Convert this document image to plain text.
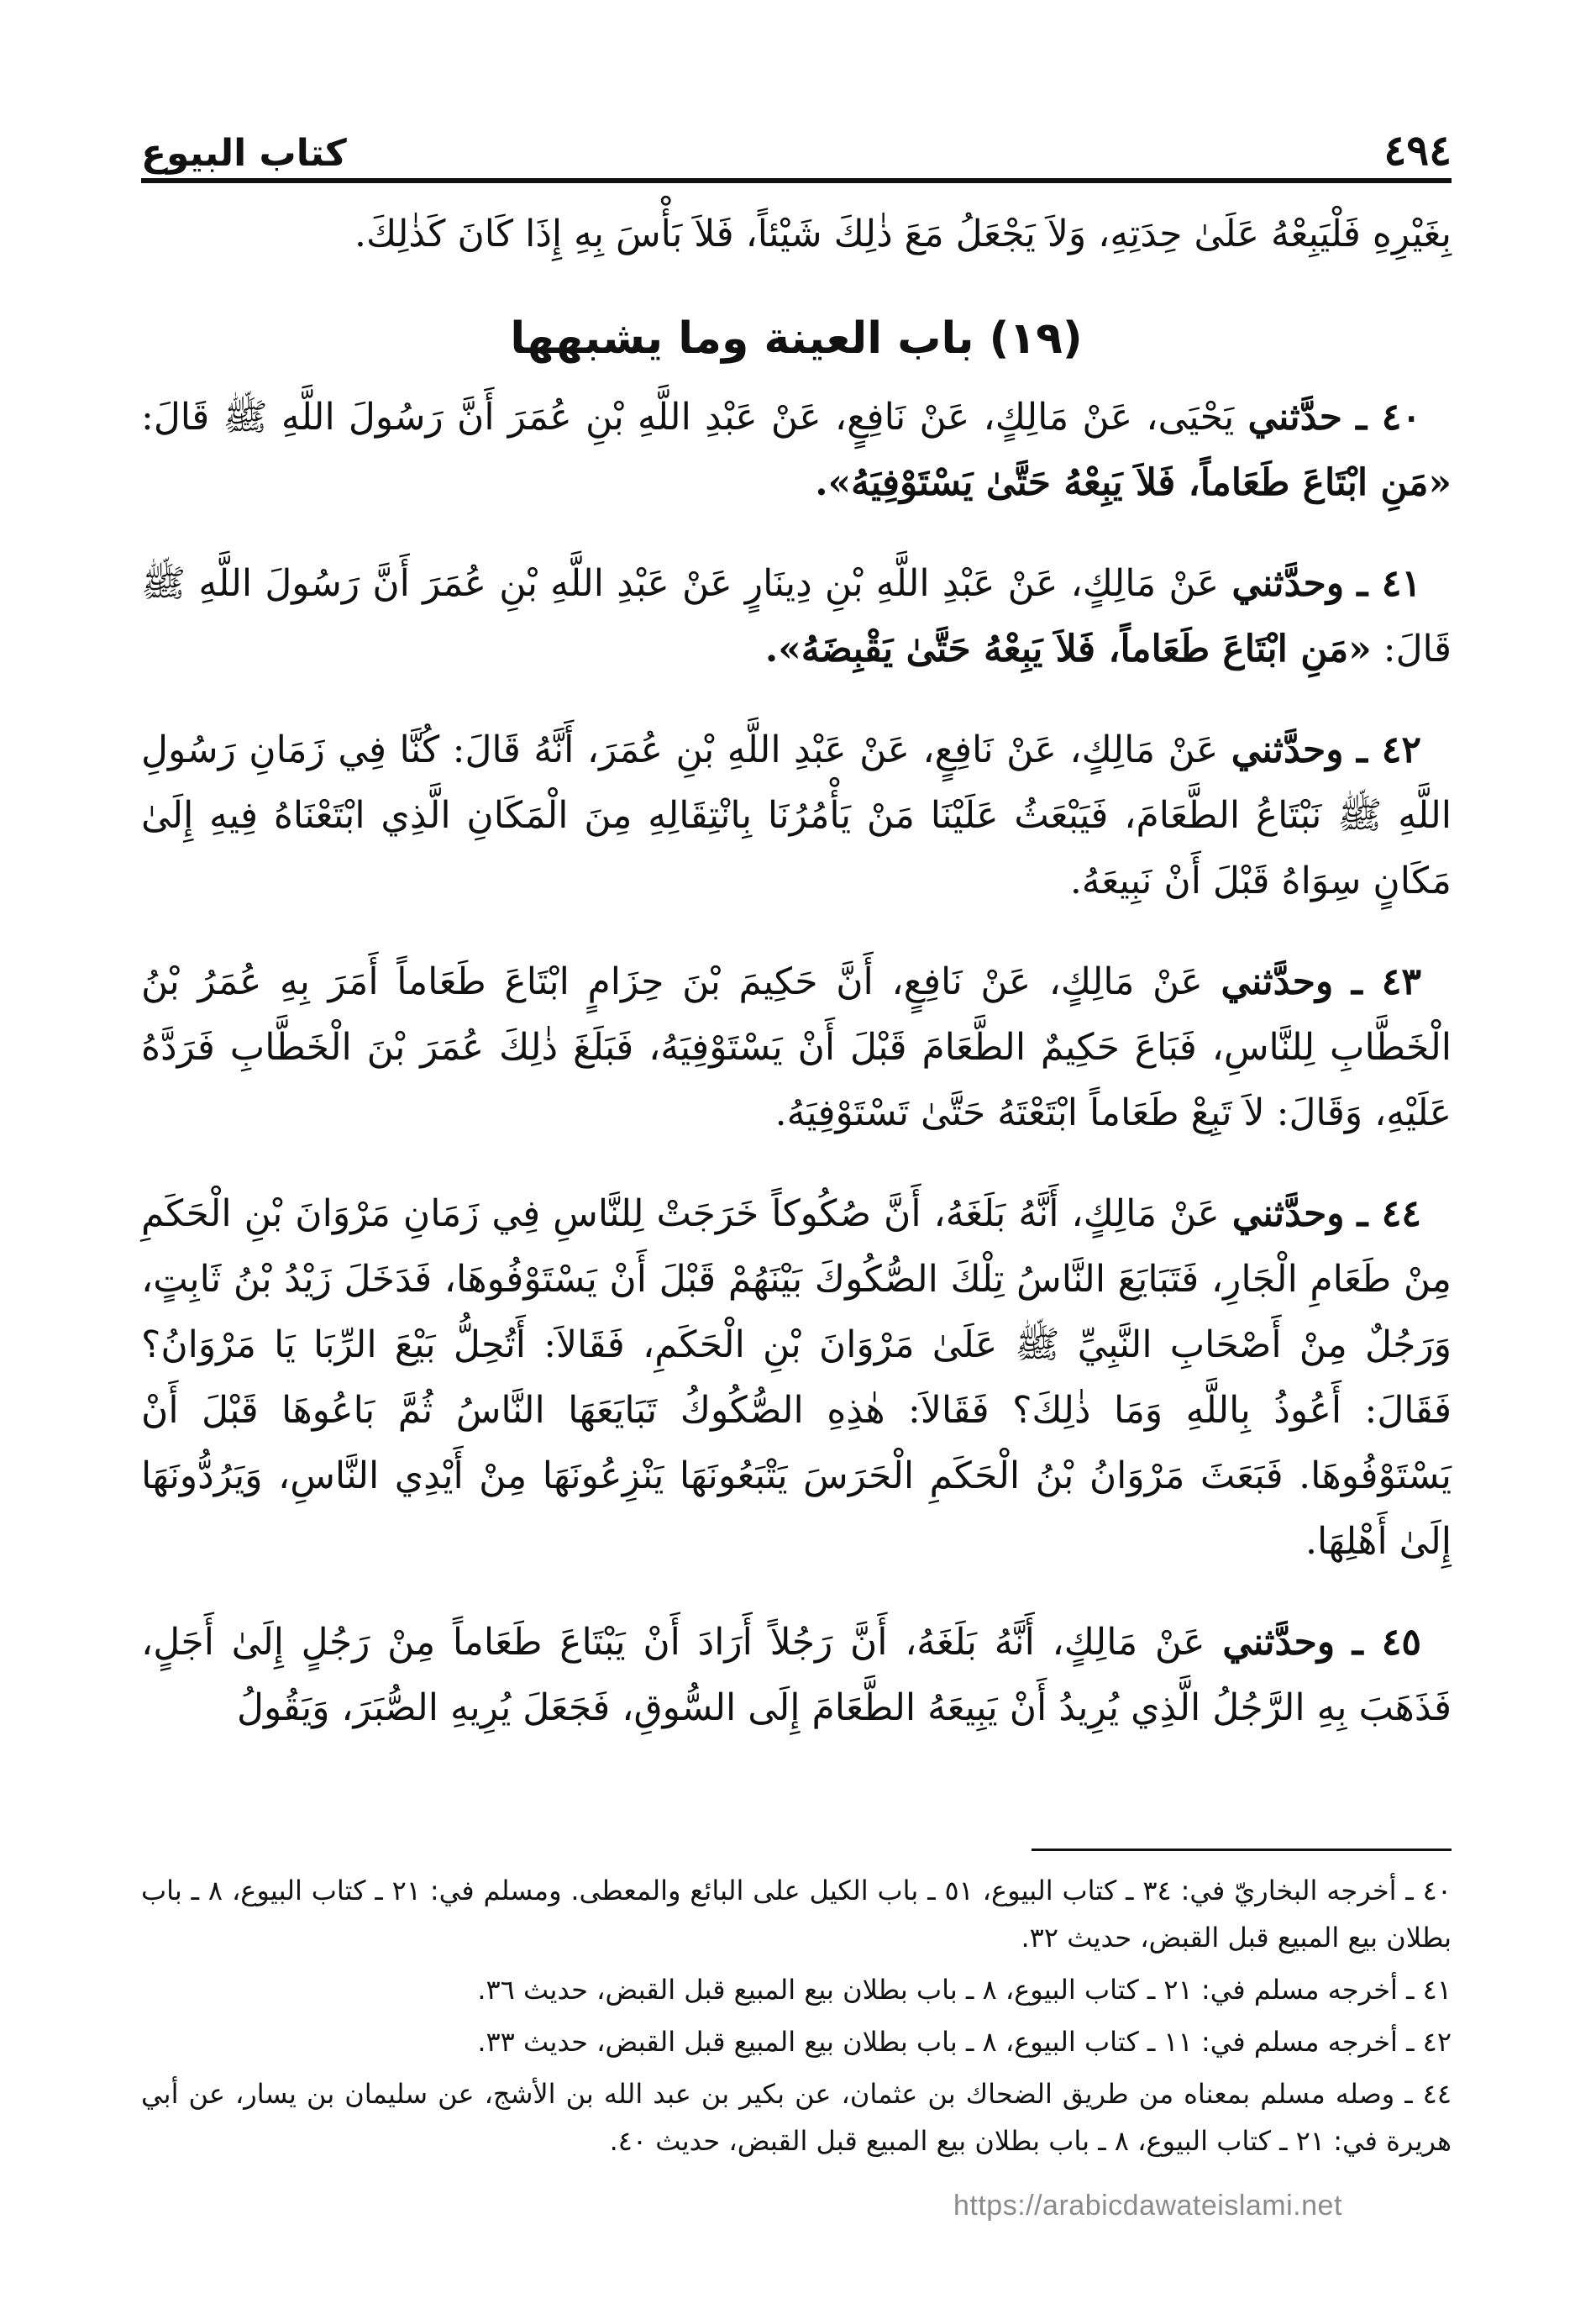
٤٩٤
كتاب البيوع

بِغَيْرِهِ فَلْيَبِعْهُ عَلَىٰ حِدَتِهِ، وَلاَ يَجْعَلُ مَعَ ذٰلِكَ شَيْئاً، فَلاَ بَأْسَ بِهِ إِذَا كَانَ كَذٰلِكَ.

(١٩) باب العينة وما يشبهها

٤٠ ـ حدَّثني يَحْيَى، عَنْ مَالِكٍ، عَنْ نَافِعٍ، عَنْ عَبْدِ اللَّهِ بْنِ عُمَرَ أَنَّ رَسُولَ اللَّهِ ﷺ قَالَ: «مَنِ ابْتَاعَ طَعَاماً، فَلاَ يَبِعْهُ حَتَّىٰ يَسْتَوْفِيَهُ».

٤١ ـ وحدَّثني عَنْ مَالِكٍ، عَنْ عَبْدِ اللَّهِ بْنِ دِينَارٍ عَنْ عَبْدِ اللَّهِ بْنِ عُمَرَ أَنَّ رَسُولَ اللَّهِ ﷺ قَالَ: «مَنِ ابْتَاعَ طَعَاماً، فَلاَ يَبِعْهُ حَتَّىٰ يَقْبِضَهُ».

٤٢ ـ وحدَّثني عَنْ مَالِكٍ، عَنْ نَافِعٍ، عَنْ عَبْدِ اللَّهِ بْنِ عُمَرَ، أَنَّهُ قَالَ: كُنَّا فِي زَمَانِ رَسُولِ اللَّهِ ﷺ نَبْتَاعُ الطَّعَامَ، فَيَبْعَثُ عَلَيْنَا مَنْ يَأْمُرُنَا بِانْتِقَالِهِ مِنَ الْمَكَانِ الَّذِي ابْتَعْنَاهُ فِيهِ إِلَىٰ مَكَانٍ سِوَاهُ قَبْلَ أَنْ نَبِيعَهُ.

٤٣ ـ وحدَّثني عَنْ مَالِكٍ، عَنْ نَافِعٍ، أَنَّ حَكِيمَ بْنَ حِزَامٍ ابْتَاعَ طَعَاماً أَمَرَ بِهِ عُمَرُ بْنُ الْخَطَّابِ لِلنَّاسِ، فَبَاعَ حَكِيمٌ الطَّعَامَ قَبْلَ أَنْ يَسْتَوْفِيَهُ، فَبَلَغَ ذٰلِكَ عُمَرَ بْنَ الْخَطَّابِ فَرَدَّهُ عَلَيْهِ، وَقَالَ: لاَ تَبِعْ طَعَاماً ابْتَعْتَهُ حَتَّىٰ تَسْتَوْفِيَهُ.

٤٤ ـ وحدَّثني عَنْ مَالِكٍ، أَنَّهُ بَلَغَهُ، أَنَّ صُكُوكاً خَرَجَتْ لِلنَّاسِ فِي زَمَانِ مَرْوَانَ بْنِ الْحَكَمِ مِنْ طَعَامِ الْجَارِ، فَتَبَايَعَ النَّاسُ تِلْكَ الصُّكُوكَ بَيْنَهُمْ قَبْلَ أَنْ يَسْتَوْفُوهَا، فَدَخَلَ زَيْدُ بْنُ ثَابِتٍ، وَرَجُلٌ مِنْ أَصْحَابِ النَّبِيِّ ﷺ عَلَىٰ مَرْوَانَ بْنِ الْحَكَمِ، فَقَالاَ: أَتُحِلُّ بَيْعَ الرِّبَا يَا مَرْوَانُ؟ فَقَالَ: أَعُوذُ بِاللَّهِ وَمَا ذٰلِكَ؟ فَقَالاَ: هٰذِهِ الصُّكُوكُ تَبَايَعَهَا النَّاسُ ثُمَّ بَاعُوهَا قَبْلَ أَنْ يَسْتَوْفُوهَا. فَبَعَثَ مَرْوَانُ بْنُ الْحَكَمِ الْحَرَسَ يَتْبَعُونَهَا يَنْزِعُونَهَا مِنْ أَيْدِي النَّاسِ، وَيَرُدُّونَهَا إِلَىٰ أَهْلِهَا.

٤٥ ـ وحدَّثني عَنْ مَالِكٍ، أَنَّهُ بَلَغَهُ، أَنَّ رَجُلاً أَرَادَ أَنْ يَبْتَاعَ طَعَاماً مِنْ رَجُلٍ إِلَىٰ أَجَلٍ، فَذَهَبَ بِهِ الرَّجُلُ الَّذِي يُرِيدُ أَنْ يَبِيعَهُ الطَّعَامَ إِلَى السُّوقِ، فَجَعَلَ يُرِيهِ الصُّبَرَ، وَيَقُولُ

٤٠ ـ أخرجه البخاريّ في: ٣٤ ـ كتاب البيوع، ٥١ ـ باب الكيل على البائع والمعطى. ومسلم في: ٢١ ـ كتاب البيوع، ٨ ـ باب بطلان بيع المبيع قبل القبض، حديث ٣٢.

٤١ ـ أخرجه مسلم في: ٢١ ـ كتاب البيوع، ٨ ـ باب بطلان بيع المبيع قبل القبض، حديث ٣٦.

٤٢ ـ أخرجه مسلم في: ١١ ـ كتاب البيوع، ٨ ـ باب بطلان بيع المبيع قبل القبض، حديث ٣٣.

٤٤ ـ وصله مسلم بمعناه من طريق الضحاك بن عثمان، عن بكير بن عبد الله بن الأشج، عن سليمان بن يسار، عن أبي هريرة في: ٢١ ـ كتاب البيوع، ٨ ـ باب بطلان بيع المبيع قبل القبض، حديث ٤٠.

https://arabicdawateislami.net
